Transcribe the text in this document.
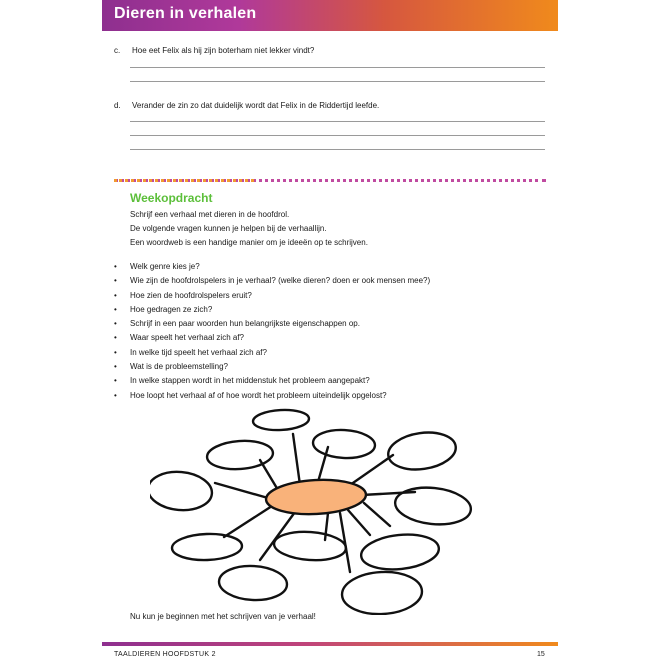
Dieren in verhalen
c. Hoe eet Felix als hij zijn boterham niet lekker vindt?
d. Verander de zin zo dat duidelijk wordt dat Felix in de Riddertijd leefde.
Weekopdracht
Schrijf een verhaal met dieren in de hoofdrol.
De volgende vragen kunnen je helpen bij de verhaallijn.
Een woordweb is een handige manier om je ideeën op te schrijven.
• Welk genre kies je?
• Wie zijn de hoofdrolspelers in je verhaal? (welke dieren? doen er ook mensen mee?)
• Hoe zien de hoofdrolspelers eruit?
• Hoe gedragen ze zich?
• Schrijf in een paar woorden hun belangrijkste eigenschappen op.
• Waar speelt het verhaal zich af?
• In welke tijd speelt het verhaal zich af?
• Wat is de probleemstelling?
• In welke stappen wordt in het middenstuk het probleem aangepakt?
• Hoe loopt het verhaal af of hoe wordt het probleem uiteindelijk opgelost?
Nu kun je beginnen met het schrijven van je verhaal!
TAALDIEREN HOOFDSTUK 2	15
